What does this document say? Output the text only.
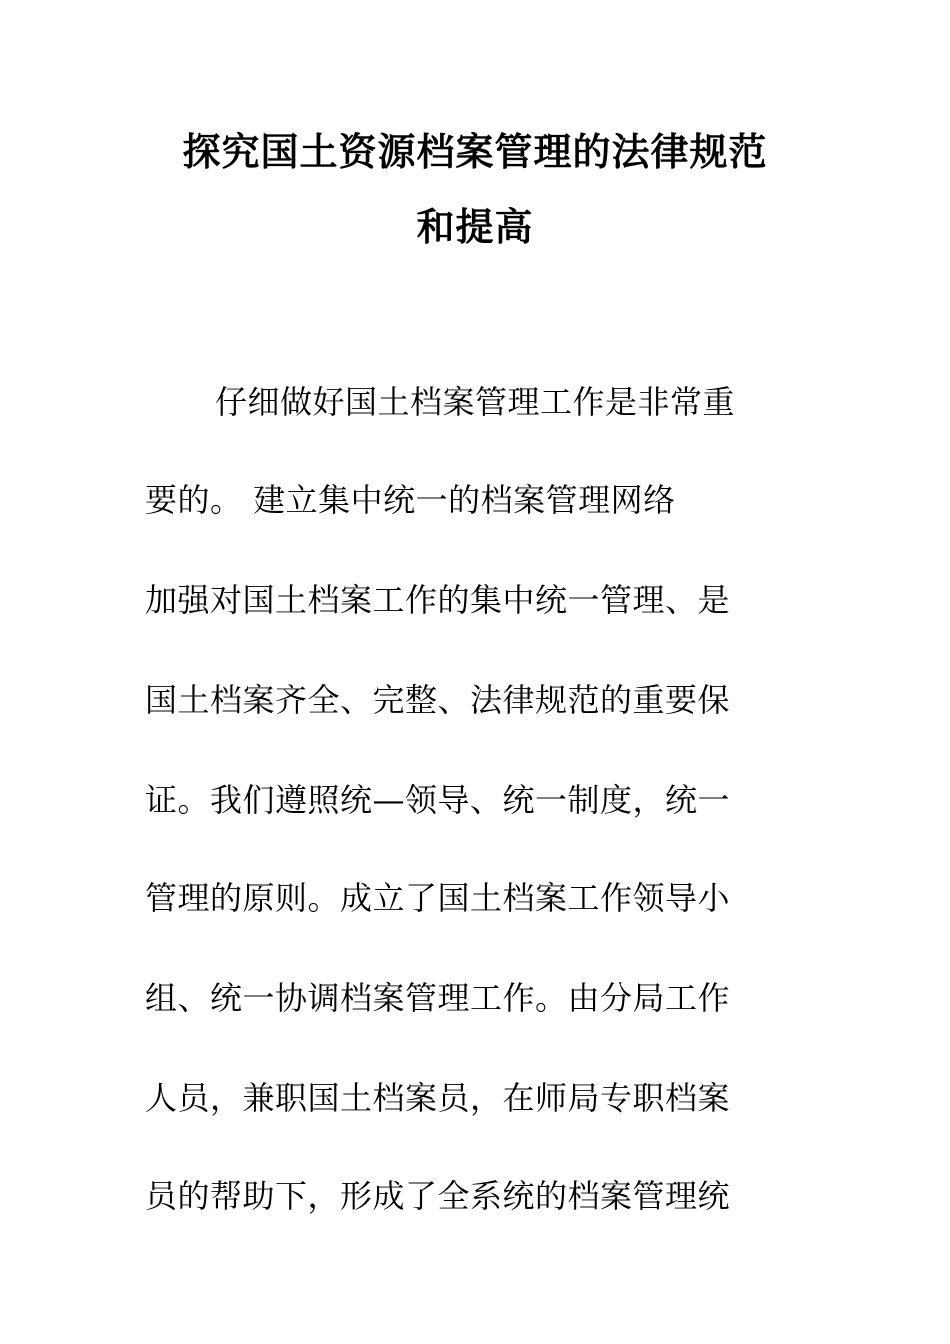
探究国土资源档案管理的法律规范
和提高
仔细做好国土档案管理工作是非常重
要的。 建立集中统一的档案管理网络
加强对国土档案工作的集中统一管理、是
国土档案齐全、完整、法律规范的重要保
证。我们遵照统—领导、统一制度，统一
管理的原则。成立了国土档案工作领导小
组、统一协调档案管理工作。由分局工作
人员，兼职国土档案员，在师局专职档案
员的帮助下，形成了全系统的档案管理统
